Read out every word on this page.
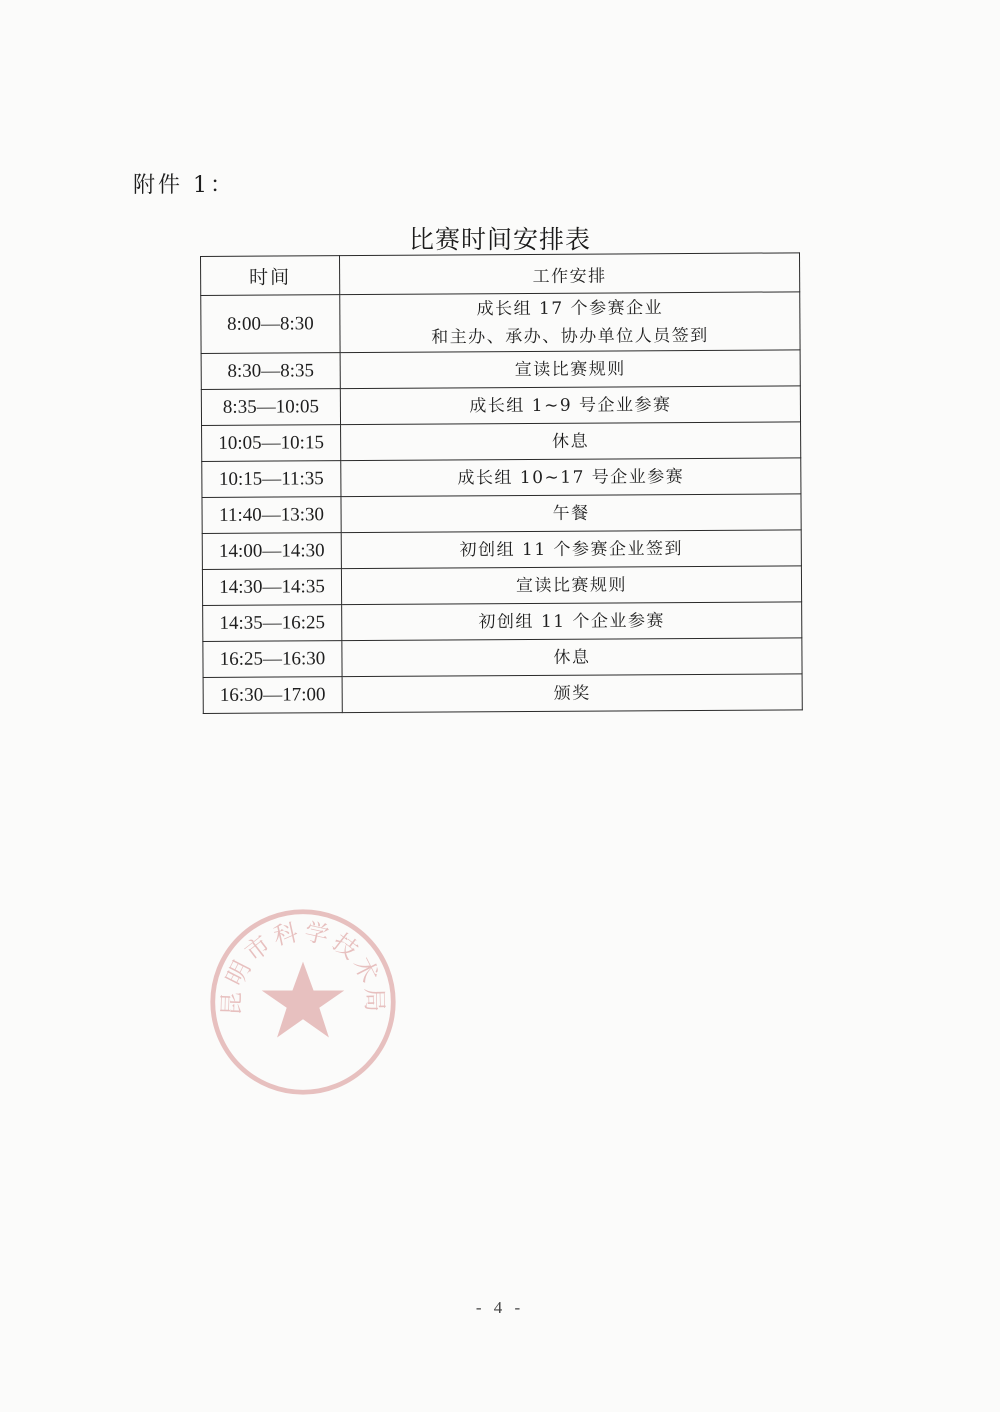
附件 1：
比赛时间安排表
时间	工作安排
8:00—8:30	成长组 17 个参赛企业
和主办、承办、协办单位人员签到

8:30—8:35	宣读比赛规则

8:35—10:05	成长组 1~9 号企业参赛

10:05—10:15	休息

10:15—11:35	成长组 10~17 号企业参赛

11:40—13:30	午餐

14:00—14:30	初创组 11 个参赛企业签到

14:30—14:35	宣读比赛规则

14:35—16:25	初创组 11 个企业参赛

16:25—16:30	休息

16:30—17:00	颁奖
昆明市科学技术局
- 4 -
